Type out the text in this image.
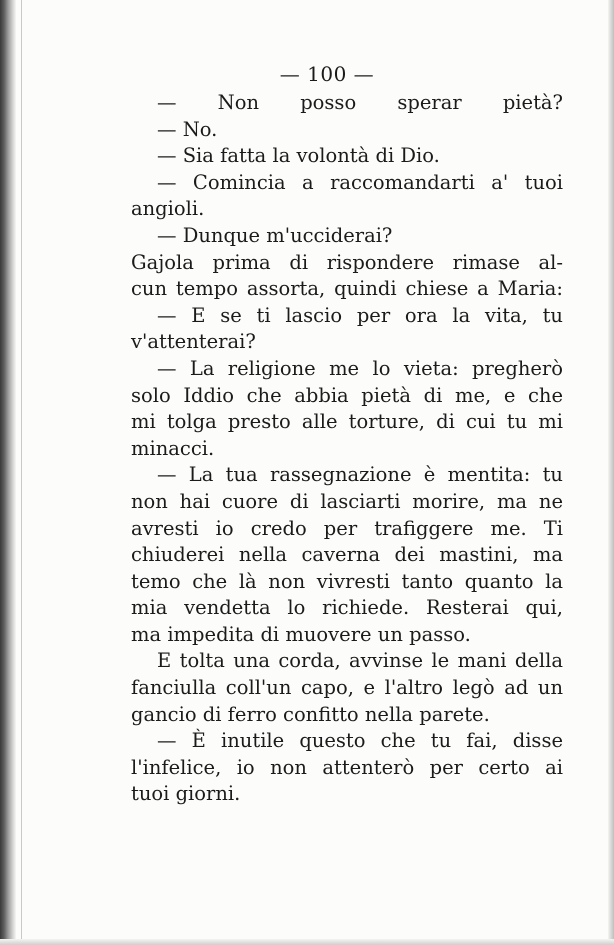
— 100 —
— Non posso sperar pietà?
— No.
— Sia fatta la volontà di Dio.
— Comincia a raccomandarti a' tuoi
angioli.
— Dunque m'ucciderai?
Gajola prima di rispondere rimase al-
cun tempo assorta, quindi chiese a Maria:
— E se ti lascio per ora la vita, tu
v'attenterai?
— La religione me lo vieta: pregherò
solo Iddio che abbia pietà di me, e che
mi tolga presto alle torture, di cui tu mi
minacci.
— La tua rassegnazione è mentita: tu
non hai cuore di lasciarti morire, ma ne
avresti io credo per trafiggere me. Ti
chiuderei nella caverna dei mastini, ma
temo che là non vivresti tanto quanto la
mia vendetta lo richiede. Resterai qui,
ma impedita di muovere un passo.
E tolta una corda, avvinse le mani della
fanciulla coll'un capo, e l'altro legò ad un
gancio di ferro confitto nella parete.
— È inutile questo che tu fai, disse
l'infelice, io non attenterò per certo ai
tuoi giorni.
